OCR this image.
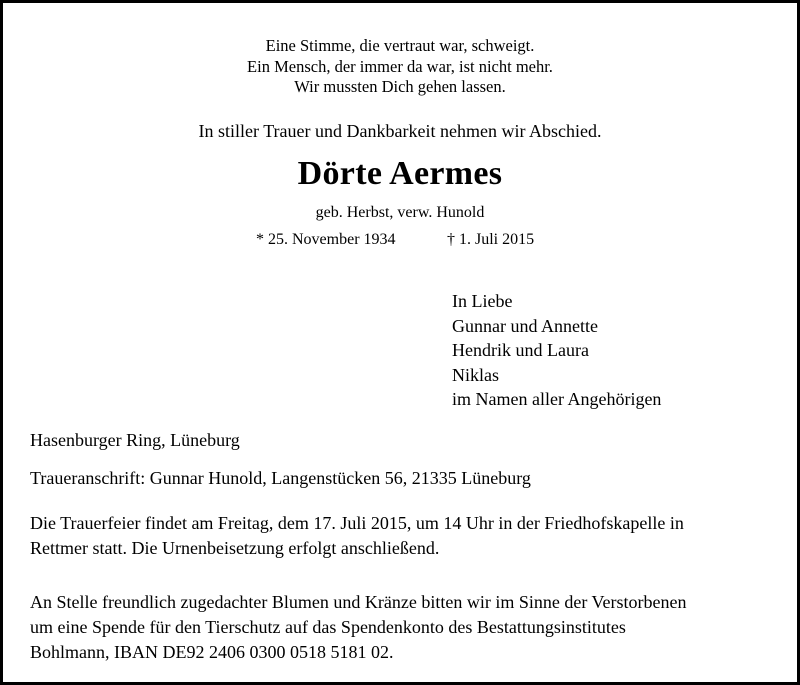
Eine Stimme, die vertraut war, schweigt.
Ein Mensch, der immer da war, ist nicht mehr.
Wir mussten Dich gehen lassen.
In stiller Trauer und Dankbarkeit nehmen wir Abschied.
Dörte Aermes
geb. Herbst, verw. Hunold
* 25. November 1934	† 1. Juli 2015
In Liebe
Gunnar und Annette
Hendrik und Laura
Niklas
im Namen aller Angehörigen
Hasenburger Ring, Lüneburg
Traueranschrift: Gunnar Hunold, Langenstücken 56, 21335 Lüneburg
Die Trauerfeier findet am Freitag, dem 17. Juli 2015, um 14 Uhr in der Friedhofskapelle in
Rettmer statt. Die Urnenbeisetzung erfolgt anschließend.
An Stelle freundlich zugedachter Blumen und Kränze bitten wir im Sinne der Verstorbenen
um eine Spende für den Tierschutz auf das Spendenkonto des Bestattungsinstitutes
Bohlmann, IBAN DE92 2406 0300 0518 5181 02.
